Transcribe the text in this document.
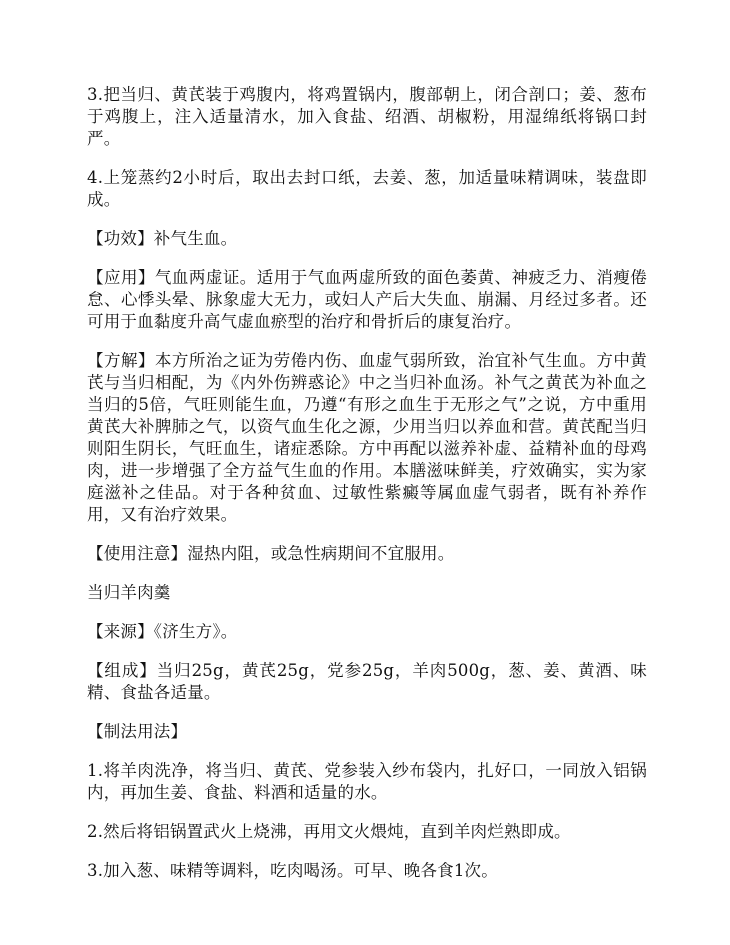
3.把当归、黄芪装于鸡腹内，将鸡置锅内，腹部朝上，闭合剖口；姜、葱布于鸡腹上，注入适量清水，加入食盐、绍酒、胡椒粉，用湿绵纸将锅口封严。

4.上笼蒸约2小时后，取出去封口纸，去姜、葱，加适量味精调味，装盘即成。

【功效】补气生血。

【应用】气血两虚证。适用于气血两虚所致的面色萎黄、神疲乏力、消瘦倦怠、心悸头晕、脉象虚大无力，或妇人产后大失血、崩漏、月经过多者。还可用于血黏度升高气虚血瘀型的治疗和骨折后的康复治疗。

【方解】本方所治之证为劳倦内伤、血虚气弱所致，治宜补气生血。方中黄芪与当归相配，为《内外伤辨惑论》中之当归补血汤。补气之黄芪为补血之当归的5倍，气旺则能生血，乃遵“有形之血生于无形之气”之说，方中重用黄芪大补脾肺之气，以资气血生化之源，少用当归以养血和营。黄芪配当归则阳生阴长，气旺血生，诸症悉除。方中再配以滋养补虚、益精补血的母鸡肉，进一步增强了全方益气生血的作用。本膳滋味鲜美，疗效确实，实为家庭滋补之佳品。对于各种贫血、过敏性紫癜等属血虚气弱者，既有补养作用，又有治疗效果。

【使用注意】湿热内阻，或急性病期间不宜服用。

当归羊肉羹

【来源】《济生方》。

【组成】当归25g，黄芪25g，党参25g，羊肉500g，葱、姜、黄酒、味精、食盐各适量。

【制法用法】

1.将羊肉洗净，将当归、黄芪、党参装入纱布袋内，扎好口，一同放入铝锅内，再加生姜、食盐、料酒和适量的水。

2.然后将铝锅置武火上烧沸，再用文火煨炖，直到羊肉烂熟即成。

3.加入葱、味精等调料，吃肉喝汤。可早、晚各食1次。
